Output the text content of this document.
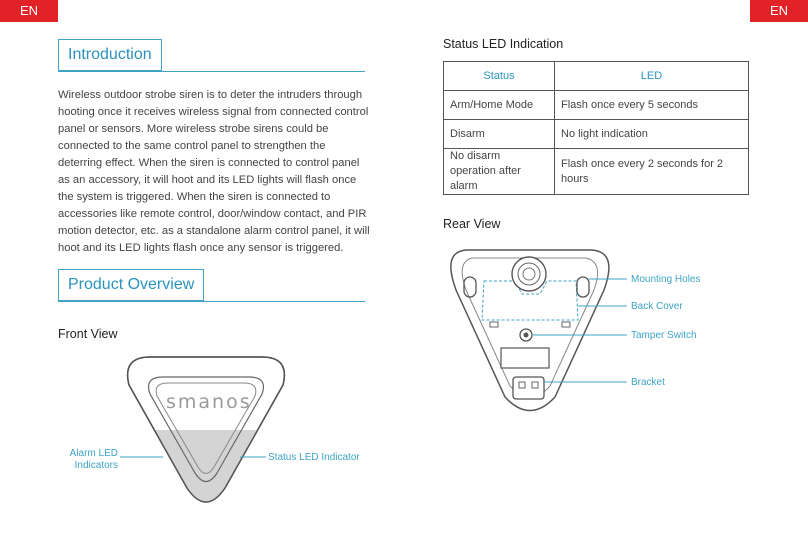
EN	EN
Introduction

Wireless outdoor strobe siren is to deter the intruders through hooting once it receives wireless signal from connected control panel or sensors. More wireless strobe sirens could be connected to the same control panel to strengthen the deterring effect. When the siren is connected to control panel as an accessory, it will hoot and its LED lights will flash once the system is triggered. When the siren is connected to accessories like remote control, door/window contact, and PIR motion detector, etc. as a standalone alarm control panel, it will hoot and its LED lights flash once any sensor is triggered.

Product Overview
Front View
smanos
Alarm LED
Indicators
Status LED Indicator
Status LED Indication
Status	LED
Arm/Home Mode	Flash once every 5 seconds
Disarm	No light indication
No disarm operation after alarm	Flash once every 2 seconds for 2 hours
Rear View
Mounting Holes
Back Cover
Tamper Switch
Bracket
